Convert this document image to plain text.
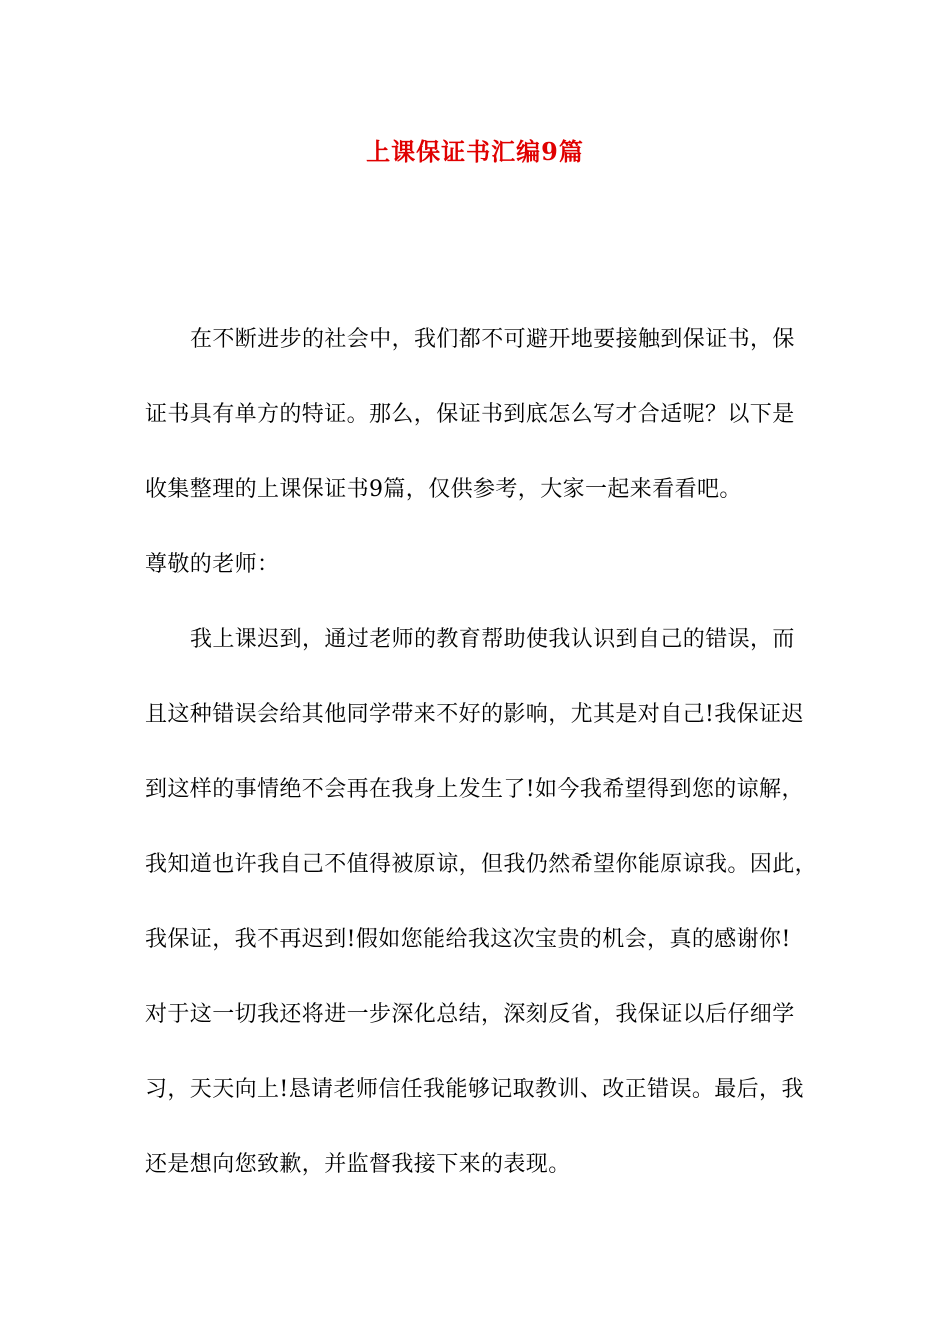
上课保证书汇编9篇
在不断进步的社会中，我们都不可避开地要接触到保证书，保
证书具有单方的特证。那么，保证书到底怎么写才合适呢？以下是
收集整理的上课保证书9篇，仅供参考，大家一起来看看吧。
尊敬的老师：
我上课迟到，通过老师的教育帮助使我认识到自己的错误，而
且这种错误会给其他同学带来不好的影响，尤其是对自己!我保证迟
到这样的事情绝不会再在我身上发生了!如今我希望得到您的谅解，
我知道也许我自己不值得被原谅，但我仍然希望你能原谅我。因此，
我保证，我不再迟到!假如您能给我这次宝贵的机会，真的感谢你!
对于这一切我还将进一步深化总结，深刻反省，我保证以后仔细学
习，天天向上!恳请老师信任我能够记取教训、改正错误。最后，我
还是想向您致歉，并监督我接下来的表现。
